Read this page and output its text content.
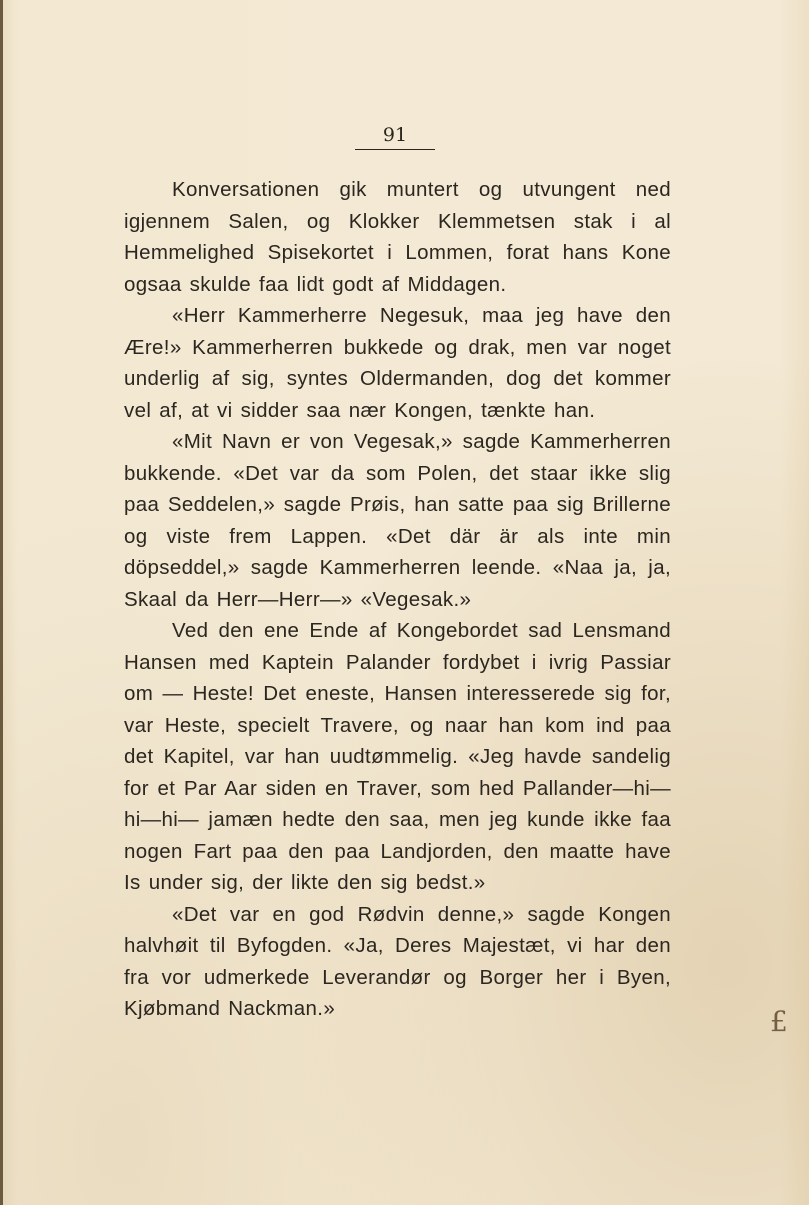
91

Konversationen gik muntert og utvungent ned igjennem Salen, og Klokker Klemmetsen stak i al Hemmelighed Spisekortet i Lommen, forat hans Kone ogsaa skulde faa lidt godt af Middagen.

«Herr Kammerherre Negesuk, maa jeg have den Ære!» Kammerherren bukkede og drak, men var noget underlig af sig, syntes Oldermanden, dog det kommer vel af, at vi sidder saa nær Kongen, tænkte han.

«Mit Navn er von Vegesak,» sagde Kammerherren bukkende. «Det var da som Polen, det staar ikke slig paa Seddelen,» sagde Prøis, han satte paa sig Brillerne og viste frem Lappen. «Det där är als inte min döpseddel,» sagde Kammerherren leende. «Naa ja, ja, Skaal da Herr—Herr—» «Vegesak.»

Ved den ene Ende af Kongebordet sad Lensmand Hansen med Kaptein Palander fordybet i ivrig Passiar om — Heste! Det eneste, Hansen interesserede sig for, var Heste, specielt Travere, og naar han kom ind paa det Kapitel, var han uudtømmelig. «Jeg havde sandelig for et Par Aar siden en Traver, som hed Pallander—hi—hi—hi— jamæn hedte den saa, men jeg kunde ikke faa nogen Fart paa den paa Landjorden, den maatte have Is under sig, der likte den sig bedst.»

«Det var en god Rødvin denne,» sagde Kongen halvhøit til Byfogden. «Ja, Deres Majestæt, vi har den fra vor udmerkede Leverandør og Borger her i Byen, Kjøbmand Nackman.»	£
